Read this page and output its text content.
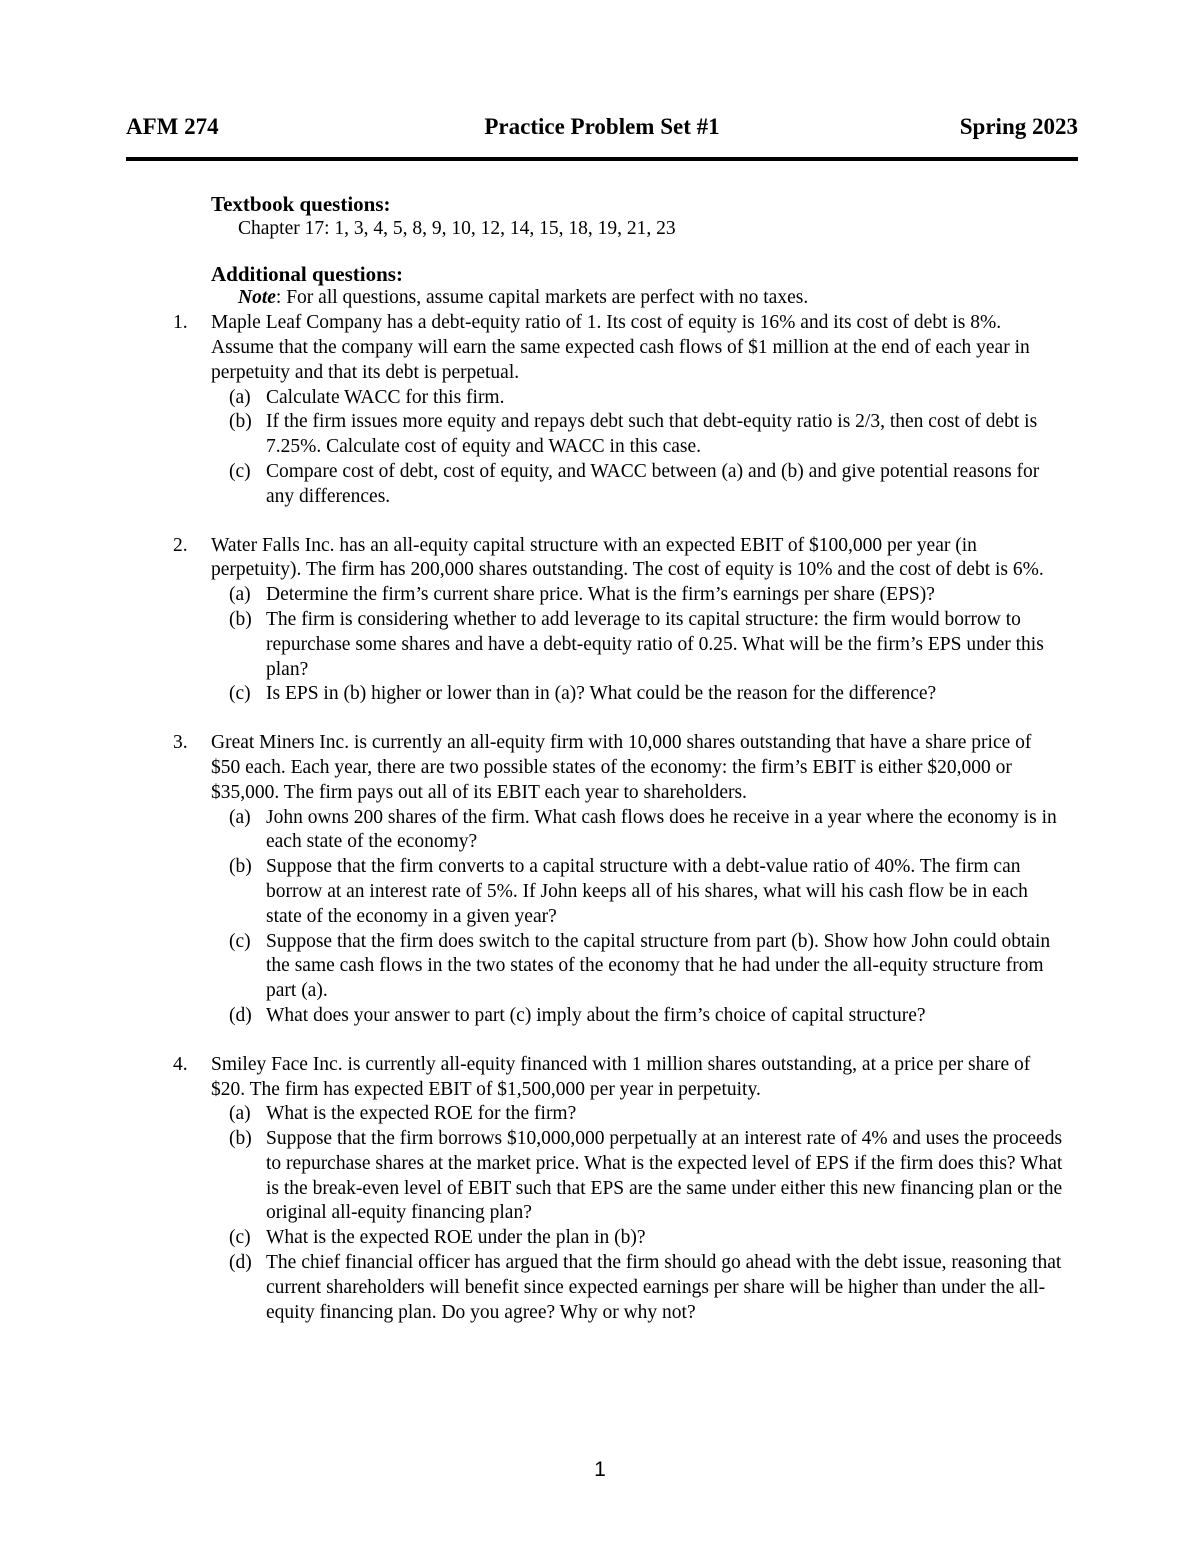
AFM 274	Practice Problem Set #1	Spring 2023
Textbook questions:
Chapter 17: 1, 3, 4, 5, 8, 9, 10, 12, 14, 15, 18, 19, 21, 23
Additional questions:
Note: For all questions, assume capital markets are perfect with no taxes.
1. Maple Leaf Company has a debt-equity ratio of 1. Its cost of equity is 16% and its cost of debt is 8%. Assume that the company will earn the same expected cash flows of $1 million at the end of each year in perpetuity and that its debt is perpetual.
(a) Calculate WACC for this firm.
(b) If the firm issues more equity and repays debt such that debt-equity ratio is 2/3, then cost of debt is 7.25%. Calculate cost of equity and WACC in this case.
(c) Compare cost of debt, cost of equity, and WACC between (a) and (b) and give potential reasons for any differences.
2. Water Falls Inc. has an all-equity capital structure with an expected EBIT of $100,000 per year (in perpetuity). The firm has 200,000 shares outstanding. The cost of equity is 10% and the cost of debt is 6%.
(a) Determine the firm’s current share price. What is the firm’s earnings per share (EPS)?
(b) The firm is considering whether to add leverage to its capital structure: the firm would borrow to repurchase some shares and have a debt-equity ratio of 0.25. What will be the firm’s EPS under this plan?
(c) Is EPS in (b) higher or lower than in (a)? What could be the reason for the difference?
3. Great Miners Inc. is currently an all-equity firm with 10,000 shares outstanding that have a share price of $50 each. Each year, there are two possible states of the economy: the firm’s EBIT is either $20,000 or $35,000. The firm pays out all of its EBIT each year to shareholders.
(a) John owns 200 shares of the firm. What cash flows does he receive in a year where the economy is in each state of the economy?
(b) Suppose that the firm converts to a capital structure with a debt-value ratio of 40%. The firm can borrow at an interest rate of 5%. If John keeps all of his shares, what will his cash flow be in each state of the economy in a given year?
(c) Suppose that the firm does switch to the capital structure from part (b). Show how John could obtain the same cash flows in the two states of the economy that he had under the all-equity structure from part (a).
(d) What does your answer to part (c) imply about the firm’s choice of capital structure?
4. Smiley Face Inc. is currently all-equity financed with 1 million shares outstanding, at a price per share of $20. The firm has expected EBIT of $1,500,000 per year in perpetuity.
(a) What is the expected ROE for the firm?
(b) Suppose that the firm borrows $10,000,000 perpetually at an interest rate of 4% and uses the proceeds to repurchase shares at the market price. What is the expected level of EPS if the firm does this? What is the break-even level of EBIT such that EPS are the same under either this new financing plan or the original all-equity financing plan?
(c) What is the expected ROE under the plan in (b)?
(d) The chief financial officer has argued that the firm should go ahead with the debt issue, reasoning that current shareholders will benefit since expected earnings per share will be higher than under the all-equity financing plan. Do you agree? Why or why not?
1
